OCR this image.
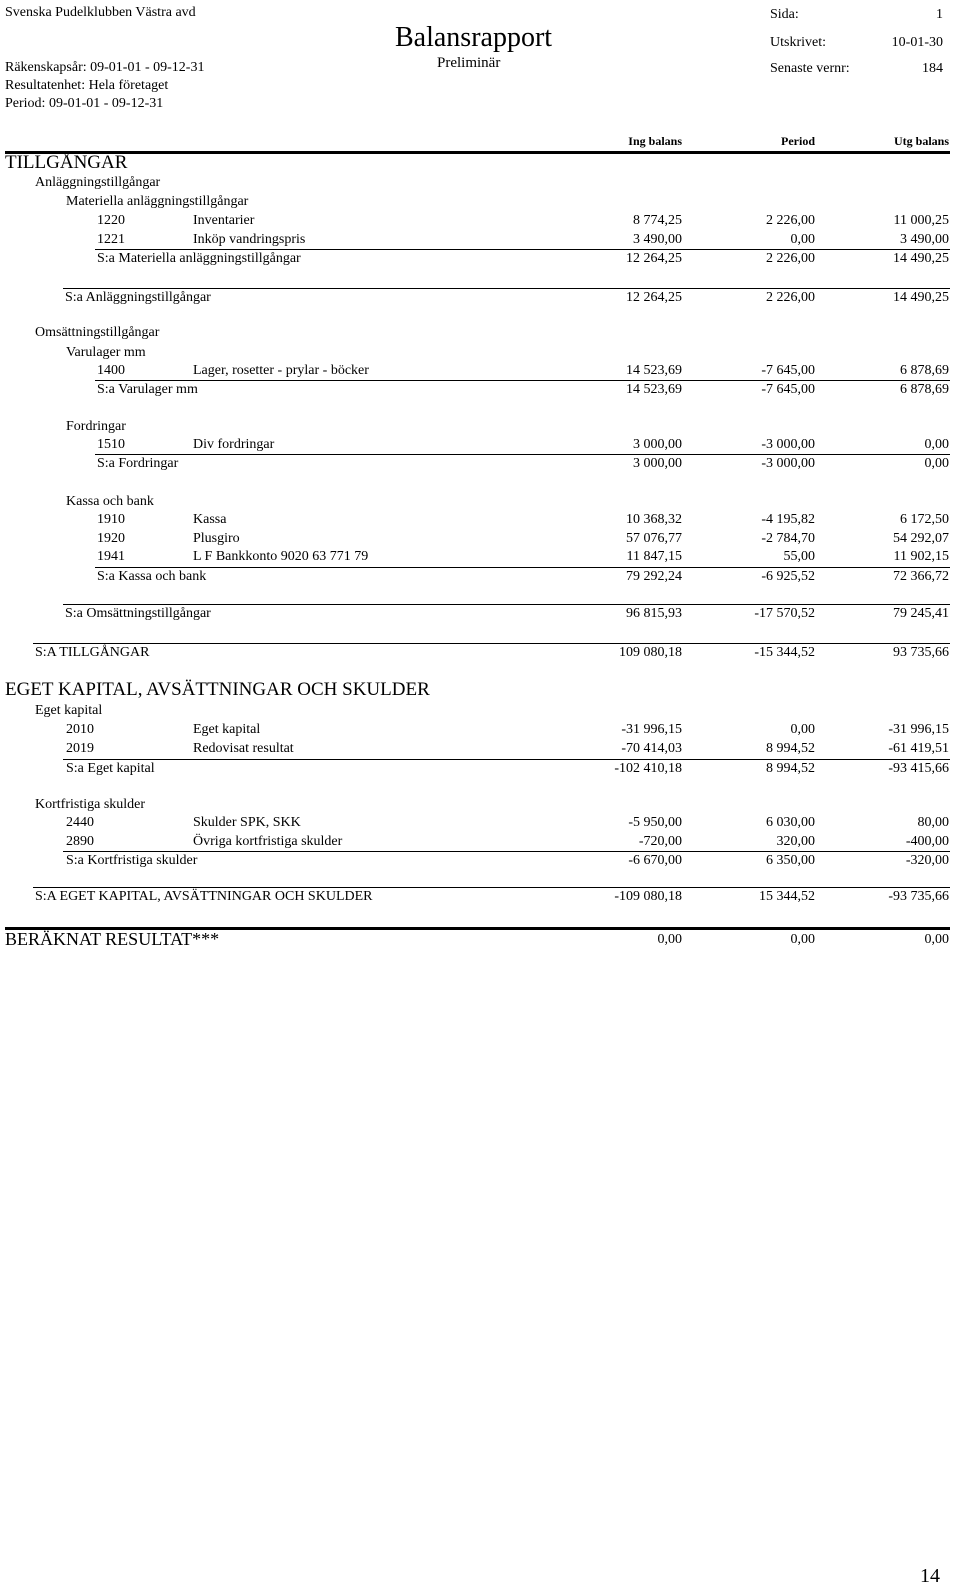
Svenska Pudelklubben Västra avd
Räkenskapsår: 09-01-01 - 09-12-31
Resultatenhet: Hela företaget
Period: 09-01-01 - 09-12-31
Balansrapport
Preliminär
Sida:	1
Utskrivet:	10-01-30
Senaste vernr:	184
Ing balans	Period	Utg balans
TILLGÅNGAR
Anläggningstillgångar
Materiella anläggningstillgångar
1220	Inventarier	8 774,25	2 226,00	11 000,25
1221	Inköp vandringspris	3 490,00	0,00	3 490,00
S:a Materiella anläggningstillgångar	12 264,25	2 226,00	14 490,25
S:a Anläggningstillgångar	12 264,25	2 226,00	14 490,25
Omsättningstillgångar
Varulager mm
1400	Lager, rosetter - prylar - böcker	14 523,69	-7 645,00	6 878,69
S:a Varulager mm	14 523,69	-7 645,00	6 878,69
Fordringar
1510	Div fordringar	3 000,00	-3 000,00	0,00
S:a Fordringar	3 000,00	-3 000,00	0,00
Kassa och bank
1910	Kassa	10 368,32	-4 195,82	6 172,50
1920	Plusgiro	57 076,77	-2 784,70	54 292,07
1941	L F Bankkonto 9020 63 771 79	11 847,15	55,00	11 902,15
S:a Kassa och bank	79 292,24	-6 925,52	72 366,72
S:a Omsättningstillgångar	96 815,93	-17 570,52	79 245,41
S:A TILLGÅNGAR	109 080,18	-15 344,52	93 735,66
EGET KAPITAL, AVSÄTTNINGAR OCH SKULDER
Eget kapital
2010	Eget kapital	-31 996,15	0,00	-31 996,15
2019	Redovisat resultat	-70 414,03	8 994,52	-61 419,51
S:a Eget kapital	-102 410,18	8 994,52	-93 415,66
Kortfristiga skulder
2440	Skulder SPK, SKK	-5 950,00	6 030,00	80,00
2890	Övriga kortfristiga skulder	-720,00	320,00	-400,00
S:a Kortfristiga skulder	-6 670,00	6 350,00	-320,00
S:A EGET KAPITAL, AVSÄTTNINGAR OCH SKULDER	-109 080,18	15 344,52	-93 735,66
BERÄKNAT RESULTAT***	0,00	0,00	0,00
14
